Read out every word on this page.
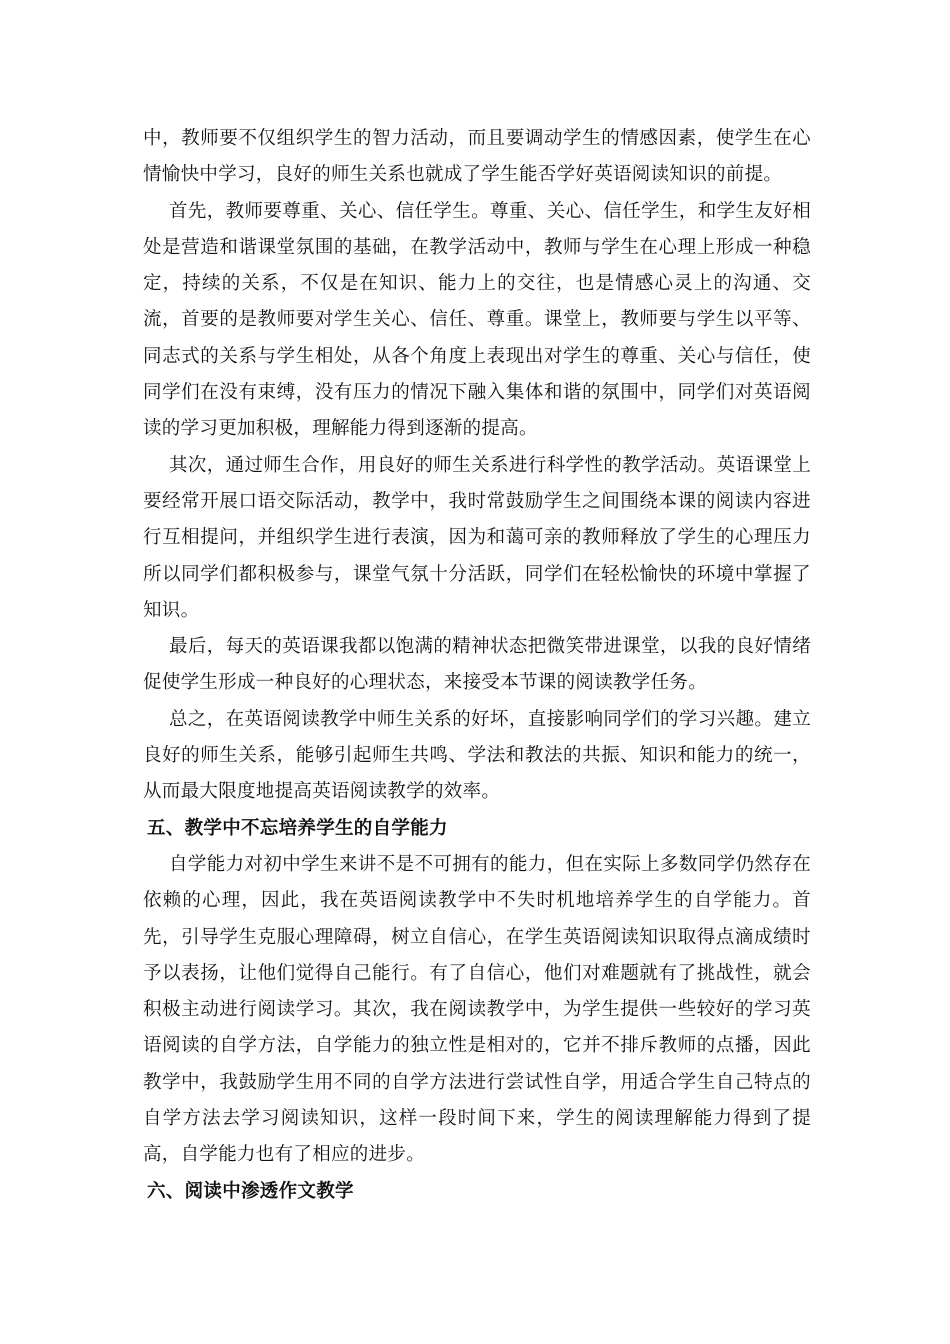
中，教师要不仅组织学生的智力活动，而且要调动学生的情感因素，使学生在心情愉快中学习，良好的师生关系也就成了学生能否学好英语阅读知识的前提。

首先，教师要尊重、关心、信任学生。尊重、关心、信任学生，和学生友好相处是营造和谐课堂氛围的基础，在教学活动中，教师与学生在心理上形成一种稳定，持续的关系，不仅是在知识、能力上的交往，也是情感心灵上的沟通、交流，首要的是教师要对学生关心、信任、尊重。课堂上，教师要与学生以平等、同志式的关系与学生相处，从各个角度上表现出对学生的尊重、关心与信任，使同学们在没有束缚，没有压力的情况下融入集体和谐的氛围中，同学们对英语阅读的学习更加积极，理解能力得到逐渐的提高。

其次，通过师生合作，用良好的师生关系进行科学性的教学活动。英语课堂上要经常开展口语交际活动，教学中，我时常鼓励学生之间围绕本课的阅读内容进行互相提问，并组织学生进行表演，因为和蔼可亲的教师释放了学生的心理压力所以同学们都积极参与，课堂气氛十分活跃，同学们在轻松愉快的环境中掌握了知识。

最后，每天的英语课我都以饱满的精神状态把微笑带进课堂，以我的良好情绪促使学生形成一种良好的心理状态，来接受本节课的阅读教学任务。

总之，在英语阅读教学中师生关系的好坏，直接影响同学们的学习兴趣。建立良好的师生关系，能够引起师生共鸣、学法和教法的共振、知识和能力的统一，从而最大限度地提高英语阅读教学的效率。

五、教学中不忘培养学生的自学能力

自学能力对初中学生来讲不是不可拥有的能力，但在实际上多数同学仍然存在依赖的心理，因此，我在英语阅读教学中不失时机地培养学生的自学能力。首先，引导学生克服心理障碍，树立自信心，在学生英语阅读知识取得点滴成绩时予以表扬，让他们觉得自己能行。有了自信心，他们对难题就有了挑战性，就会积极主动进行阅读学习。其次，我在阅读教学中，为学生提供一些较好的学习英语阅读的自学方法，自学能力的独立性是相对的，它并不排斥教师的点播，因此教学中，我鼓励学生用不同的自学方法进行尝试性自学，用适合学生自己特点的自学方法去学习阅读知识，这样一段时间下来，学生的阅读理解能力得到了提高，自学能力也有了相应的进步。

六、阅读中渗透作文教学
